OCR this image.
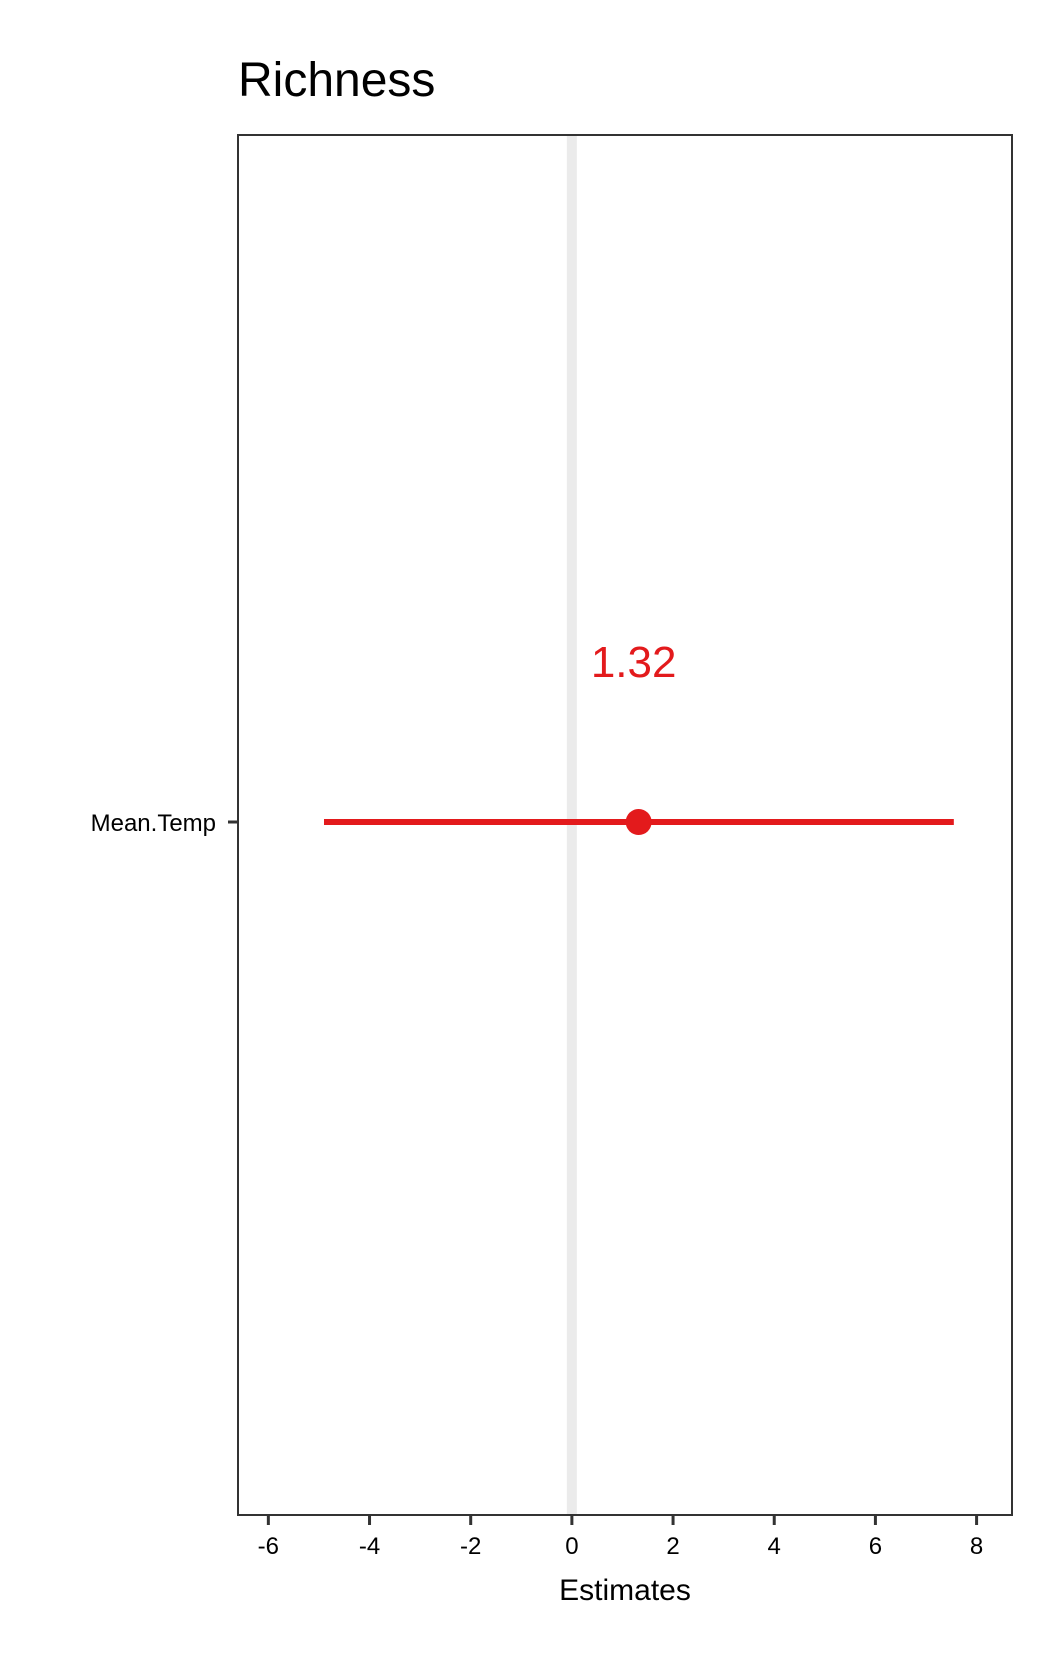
Richness
1.32
Mean.Temp
-6	-4	-2	0	2	4	6	8
Estimates
